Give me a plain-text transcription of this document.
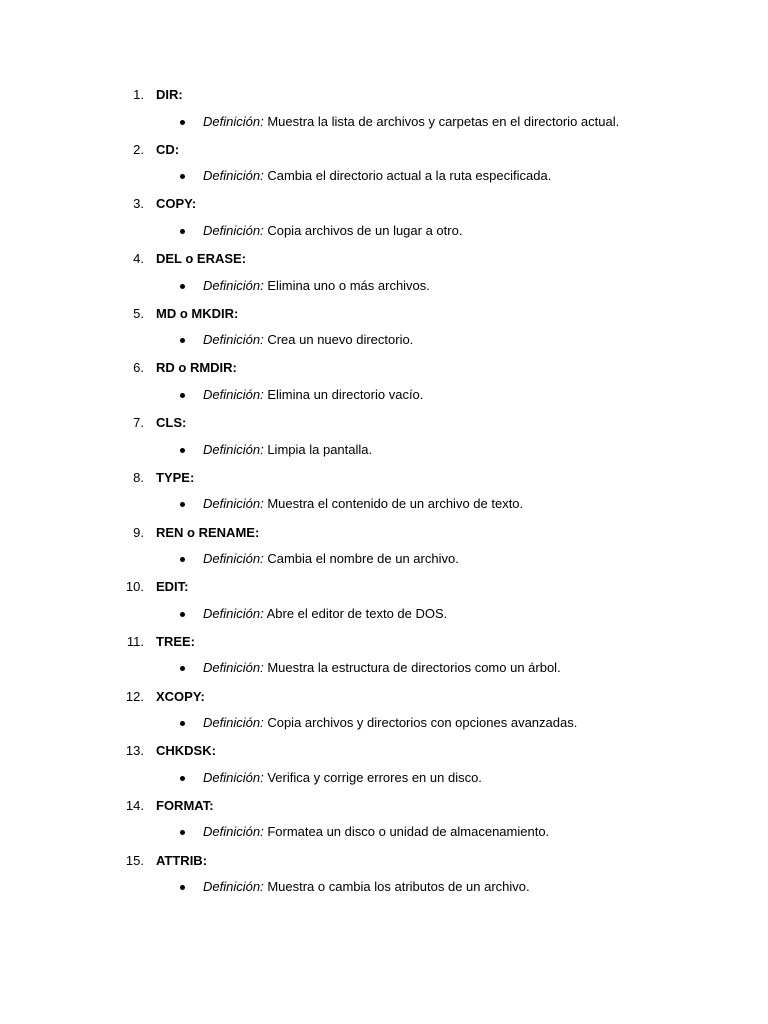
1. DIR:
Definición: Muestra la lista de archivos y carpetas en el directorio actual.
2. CD:
Definición: Cambia el directorio actual a la ruta especificada.
3. COPY:
Definición: Copia archivos de un lugar a otro.
4. DEL o ERASE:
Definición: Elimina uno o más archivos.
5. MD o MKDIR:
Definición: Crea un nuevo directorio.
6. RD o RMDIR:
Definición: Elimina un directorio vacío.
7. CLS:
Definición: Limpia la pantalla.
8. TYPE:
Definición: Muestra el contenido de un archivo de texto.
9. REN o RENAME:
Definición: Cambia el nombre de un archivo.
10. EDIT:
Definición: Abre el editor de texto de DOS.
11. TREE:
Definición: Muestra la estructura de directorios como un árbol.
12. XCOPY:
Definición: Copia archivos y directorios con opciones avanzadas.
13. CHKDSK:
Definición: Verifica y corrige errores en un disco.
14. FORMAT:
Definición: Formatea un disco o unidad de almacenamiento.
15. ATTRIB:
Definición: Muestra o cambia los atributos de un archivo.
